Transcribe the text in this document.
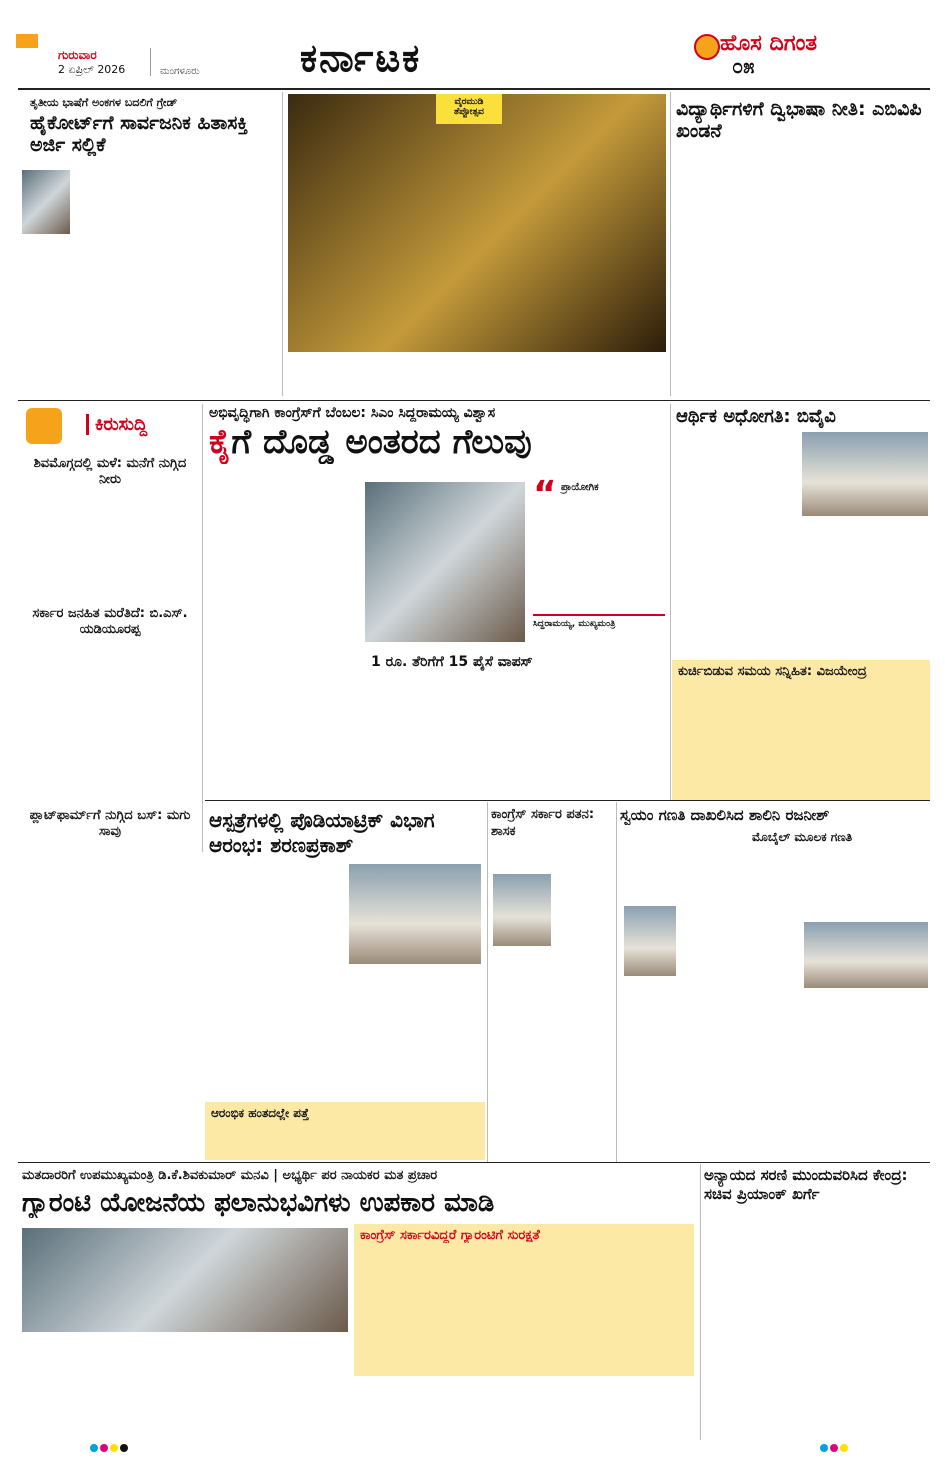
ಗುರುವಾರ
2 ಏಪ್ರಿಲ್ 2026	ಮಂಗಳೂರು	ಕರ್ನಾಟಕ	ಹೊಸ ದಿಗಂತ
೦೫
ತೃತೀಯ ಭಾಷೆಗೆ ಅಂಕಗಳ ಬದಲಿಗೆ ಗ್ರೇಡ್
ಹೈಕೋರ್ಟ್‌ಗೆ ಸಾರ್ವಜನಿಕ ಹಿತಾಸಕ್ತಿ ಅರ್ಜಿ ಸಲ್ಲಿಕೆ
ವೈರಮುಡಿ
ತೆಪ್ಪೋತ್ಸವ	ವಿದ್ಯಾರ್ಥಿಗಳಿಗೆ ದ್ವಿಭಾಷಾ ನೀತಿ: ಎಬಿವಿಪಿ ಖಂಡನೆ
ಕಿರುಸುದ್ದಿ
ಶಿವಮೊಗ್ಗದಲ್ಲಿ ಮಳೆ: ಮನೆಗೆ ನುಗ್ಗಿದ ನೀರು
ಸರ್ಕಾರ ಜನಹಿತ ಮರೆತಿದೆ: ಬಿ.ಎಸ್. ಯಡಿಯೂರಪ್ಪ
ಪ್ಲಾಟ್‌ಫಾರ್ಮ್‌ಗೆ ನುಗ್ಗಿದ ಬಸ್: ಮಗು ಸಾವು
ಅಭಿವೃದ್ಧಿಗಾಗಿ ಕಾಂಗ್ರೆಸ್‌ಗೆ ಬೆಂಬಲ: ಸಿಎಂ ಸಿದ್ದರಾಮಯ್ಯ ವಿಶ್ವಾಸ
ಕೈಗೆ ದೊಡ್ಡ ಅಂತರದ ಗೆಲುವು
“ ಪ್ರಾಯೋಗಿಕ
ಸಿದ್ದರಾಮಯ್ಯ, ಮುಖ್ಯಮಂತ್ರಿ
1 ರೂ. ತೆರಿಗೆಗೆ 15 ಪೈಸೆ ವಾಪಸ್
ಆರ್ಥಿಕ ಅಧೋಗತಿ: ಬಿವೈವಿ
ಕುರ್ಚಿಬಿಡುವ ಸಮಯ ಸನ್ನಿಹಿತ: ವಿಜಯೇಂದ್ರ
ಆಸ್ಪತ್ರೆಗಳಲ್ಲಿ ಪೊಡಿಯಾಟ್ರಿಕ್ ವಿಭಾಗ ಆರಂಭ: ಶರಣಪ್ರಕಾಶ್
ಆರಂಭಿಕ ಹಂತದಲ್ಲೇ ಪತ್ತೆ
ಕಾಂಗ್ರೆಸ್ ಸರ್ಕಾರ ಪತನ: ಶಾಸಕ
ಸ್ವಯಂ ಗಣತಿ ದಾಖಲಿಸಿದ ಶಾಲಿನಿ ರಜನೀಶ್
ಮೊಬೈಲ್ ಮೂಲಕ ಗಣತಿ
ಮತದಾರರಿಗೆ ಉಪಮುಖ್ಯಮಂತ್ರಿ ಡಿ.ಕೆ.ಶಿವಕುಮಾರ್ ಮನವಿ | ಅಭ್ಯರ್ಥಿ ಪರ ನಾಯಕರ ಮತ ಪ್ರಚಾರ
ಗ್ಯಾರಂಟಿ ಯೋಜನೆಯ ಫಲಾನುಭವಿಗಳು ಉಪಕಾರ ಮಾಡಿ
ಕಾಂಗ್ರೆಸ್ ಸರ್ಕಾರವಿದ್ದರೆ ಗ್ಯಾರಂಟಿಗೆ ಸುರಕ್ಷತೆ
ಅನ್ಯಾಯದ ಸರಣಿ ಮುಂದುವರಿಸಿದ ಕೇಂದ್ರ: ಸಚಿವ ಪ್ರಿಯಾಂಕ್ ಖರ್ಗೆ
